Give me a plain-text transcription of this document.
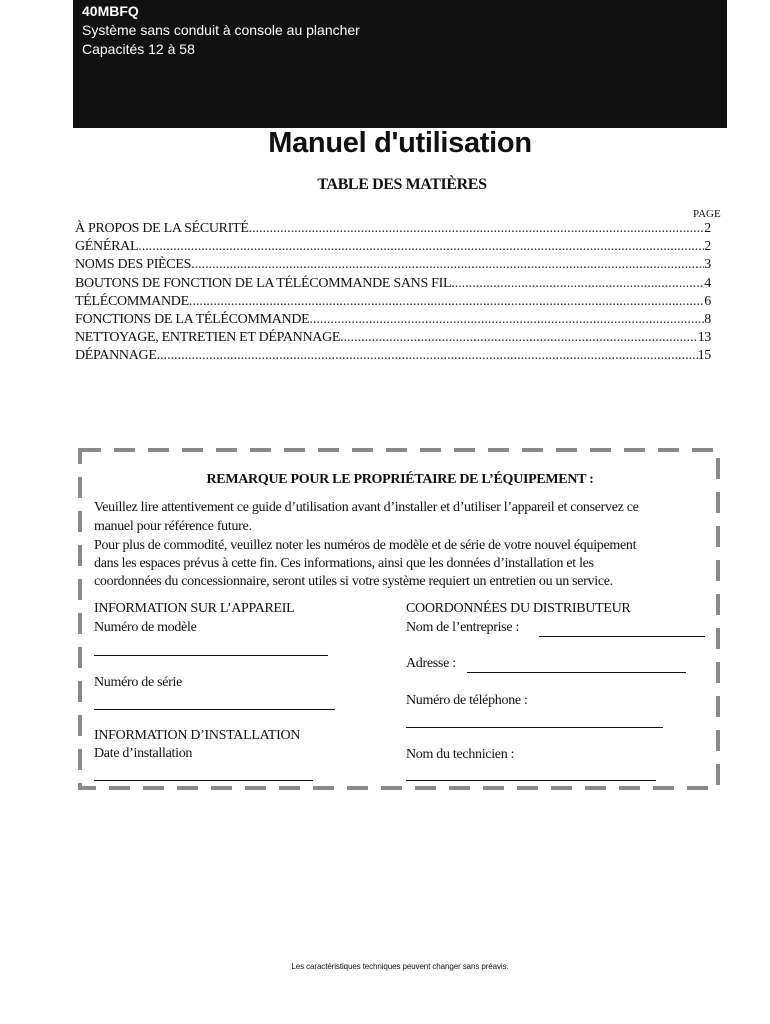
40MBFQ
Système sans conduit à console au plancher
Capacités 12 à 58
Manuel d'utilisation
TABLE DES MATIÈRES
PAGE
À PROPOS DE LA SÉCURITÉ .....	2
GÉNÉRAL .....	2
NOMS DES PIÈCES .....	3
BOUTONS DE FONCTION DE LA TÉLÉCOMMANDE SANS FIL .....	4
TÉLÉCOMMANDE .....	6
FONCTIONS DE LA TÉLÉCOMMANDE .....	8
NETTOYAGE, ENTRETIEN ET DÉPANNAGE .....	13
DÉPANNAGE .....	15
REMARQUE POUR LE PROPRIÉTAIRE DE L’ÉQUIPEMENT :
Veuillez lire attentivement ce guide d’utilisation avant d’installer et d’utiliser l’appareil et conservez ce
manuel pour référence future.
Pour plus de commodité, veuillez noter les numéros de modèle et de série de votre nouvel équipement
dans les espaces prévus à cette fin. Ces informations, ainsi que les données d’installation et les
coordonnées du concessionnaire, seront utiles si votre système requiert un entretien ou un service.
INFORMATION SUR L’APPAREIL
Numéro de modèle
Numéro de série
INFORMATION D’INSTALLATION
Date d’installation
COORDONNÉES DU DISTRIBUTEUR
Nom de l’entreprise :
Adresse :
Numéro de téléphone :
Nom du technicien :
Les caractéristiques techniques peuvent changer sans préavis.
